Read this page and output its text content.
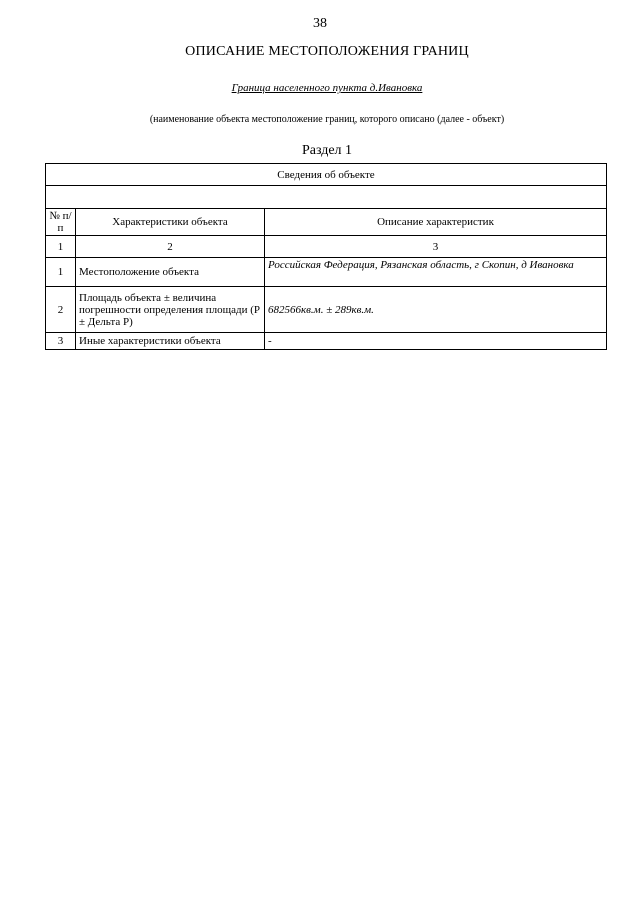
38
ОПИСАНИЕ МЕСТОПОЛОЖЕНИЯ ГРАНИЦ
Граница населенного пункта д.Ивановка
(наименование объекта местоположение границ, которого описано (далее - объект)
Раздел 1
Сведения об объекте		

№ п/п	Характеристики объекта	Описание характеристик
1	2	3
1	Местоположение объекта	Российская Федерация, Рязанская область, г Скопин, д Ивановка
2	Площадь объекта ± величина погрешности определения площади (Р ± Дельта Р)	682566кв.м. ± 289кв.м.
3	Иные характеристики объекта	-
